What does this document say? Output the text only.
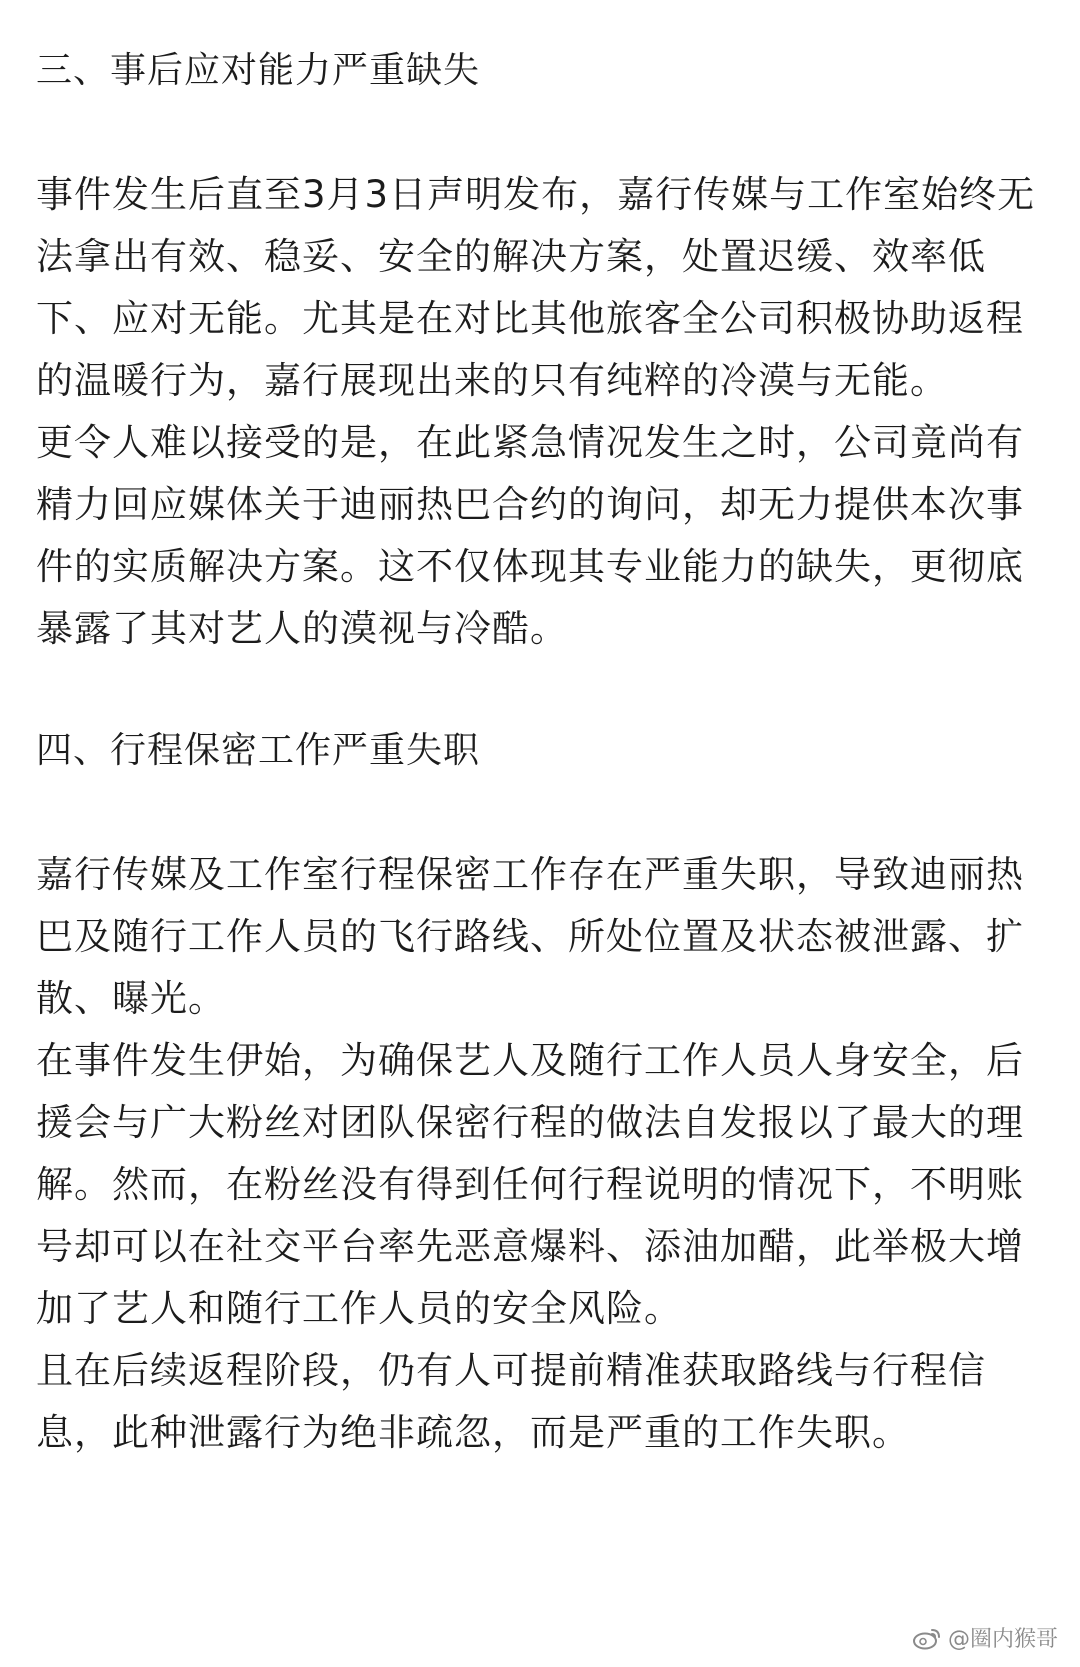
三、事后应对能力严重缺失

事件发生后直至3月3日声明发布，嘉行传媒与工作室始终无法拿出有效、稳妥、安全的解决方案，处置迟缓、效率低下、应对无能。尤其是在对比其他旅客全公司积极协助返程的温暖行为，嘉行展现出来的只有纯粹的冷漠与无能。

更令人难以接受的是，在此紧急情况发生之时，公司竟尚有精力回应媒体关于迪丽热巴合约的询问，却无力提供本次事件的实质解决方案。这不仅体现其专业能力的缺失，更彻底暴露了其对艺人的漠视与冷酷。

四、行程保密工作严重失职

嘉行传媒及工作室行程保密工作存在严重失职，导致迪丽热巴及随行工作人员的飞行路线、所处位置及状态被泄露、扩散、曝光。

在事件发生伊始，为确保艺人及随行工作人员人身安全，后援会与广大粉丝对团队保密行程的做法自发报以了最大的理解。然而，在粉丝没有得到任何行程说明的情况下，不明账号却可以在社交平台率先恶意爆料、添油加醋，此举极大增加了艺人和随行工作人员的安全风险。

且在后续返程阶段，仍有人可提前精准获取路线与行程信息，此种泄露行为绝非疏忽，而是严重的工作失职。

@圈内猴哥
